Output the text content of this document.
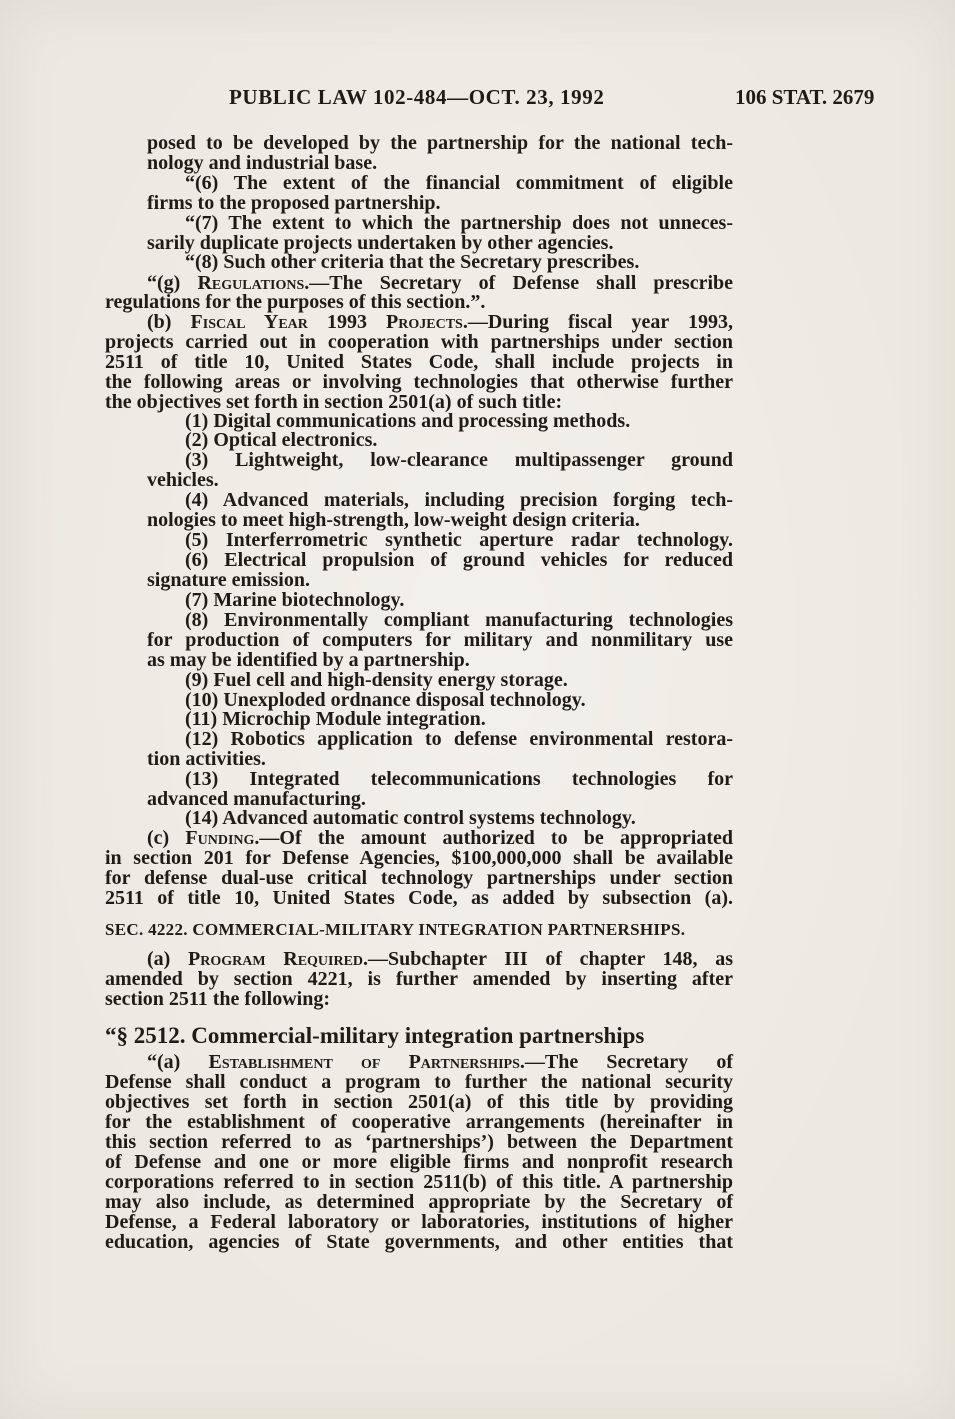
PUBLIC LAW 102-484—OCT. 23, 1992	106 STAT. 2679
posed to be developed by the partnership for the national tech-
nology and industrial base.
“(6) The extent of the financial commitment of eligible
firms to the proposed partnership.
“(7) The extent to which the partnership does not unneces-
sarily duplicate projects undertaken by other agencies.
“(8) Such other criteria that the Secretary prescribes.
“(g) Regulations.—The Secretary of Defense shall prescribe
regulations for the purposes of this section.”.
(b) Fiscal Year 1993 Projects.—During fiscal year 1993,
projects carried out in cooperation with partnerships under section
2511 of title 10, United States Code, shall include projects in
the following areas or involving technologies that otherwise further
the objectives set forth in section 2501(a) of such title:
(1) Digital communications and processing methods.
(2) Optical electronics.
(3) Lightweight, low-clearance multipassenger ground
vehicles.
(4) Advanced materials, including precision forging tech-
nologies to meet high-strength, low-weight design criteria.
(5) Interferrometric synthetic aperture radar technology.
(6) Electrical propulsion of ground vehicles for reduced
signature emission.
(7) Marine biotechnology.
(8) Environmentally compliant manufacturing technologies
for production of computers for military and nonmilitary use
as may be identified by a partnership.
(9) Fuel cell and high-density energy storage.
(10) Unexploded ordnance disposal technology.
(11) Microchip Module integration.
(12) Robotics application to defense environmental restora-
tion activities.
(13) Integrated telecommunications technologies for
advanced manufacturing.
(14) Advanced automatic control systems technology.
(c) Funding.—Of the amount authorized to be appropriated
in section 201 for Defense Agencies, $100,000,000 shall be available
for defense dual-use critical technology partnerships under section
2511 of title 10, United States Code, as added by subsection (a).
SEC. 4222. COMMERCIAL-MILITARY INTEGRATION PARTNERSHIPS.
(a) Program Required.—Subchapter III of chapter 148, as
amended by section 4221, is further amended by inserting after
section 2511 the following:
“§ 2512. Commercial-military integration partnerships
“(a) Establishment of Partnerships.—The Secretary of
Defense shall conduct a program to further the national security
objectives set forth in section 2501(a) of this title by providing
for the establishment of cooperative arrangements (hereinafter in
this section referred to as ‘partnerships’) between the Department
of Defense and one or more eligible firms and nonprofit research
corporations referred to in section 2511(b) of this title. A partnership
may also include, as determined appropriate by the Secretary of
Defense, a Federal laboratory or laboratories, institutions of higher
education, agencies of State governments, and other entities that
